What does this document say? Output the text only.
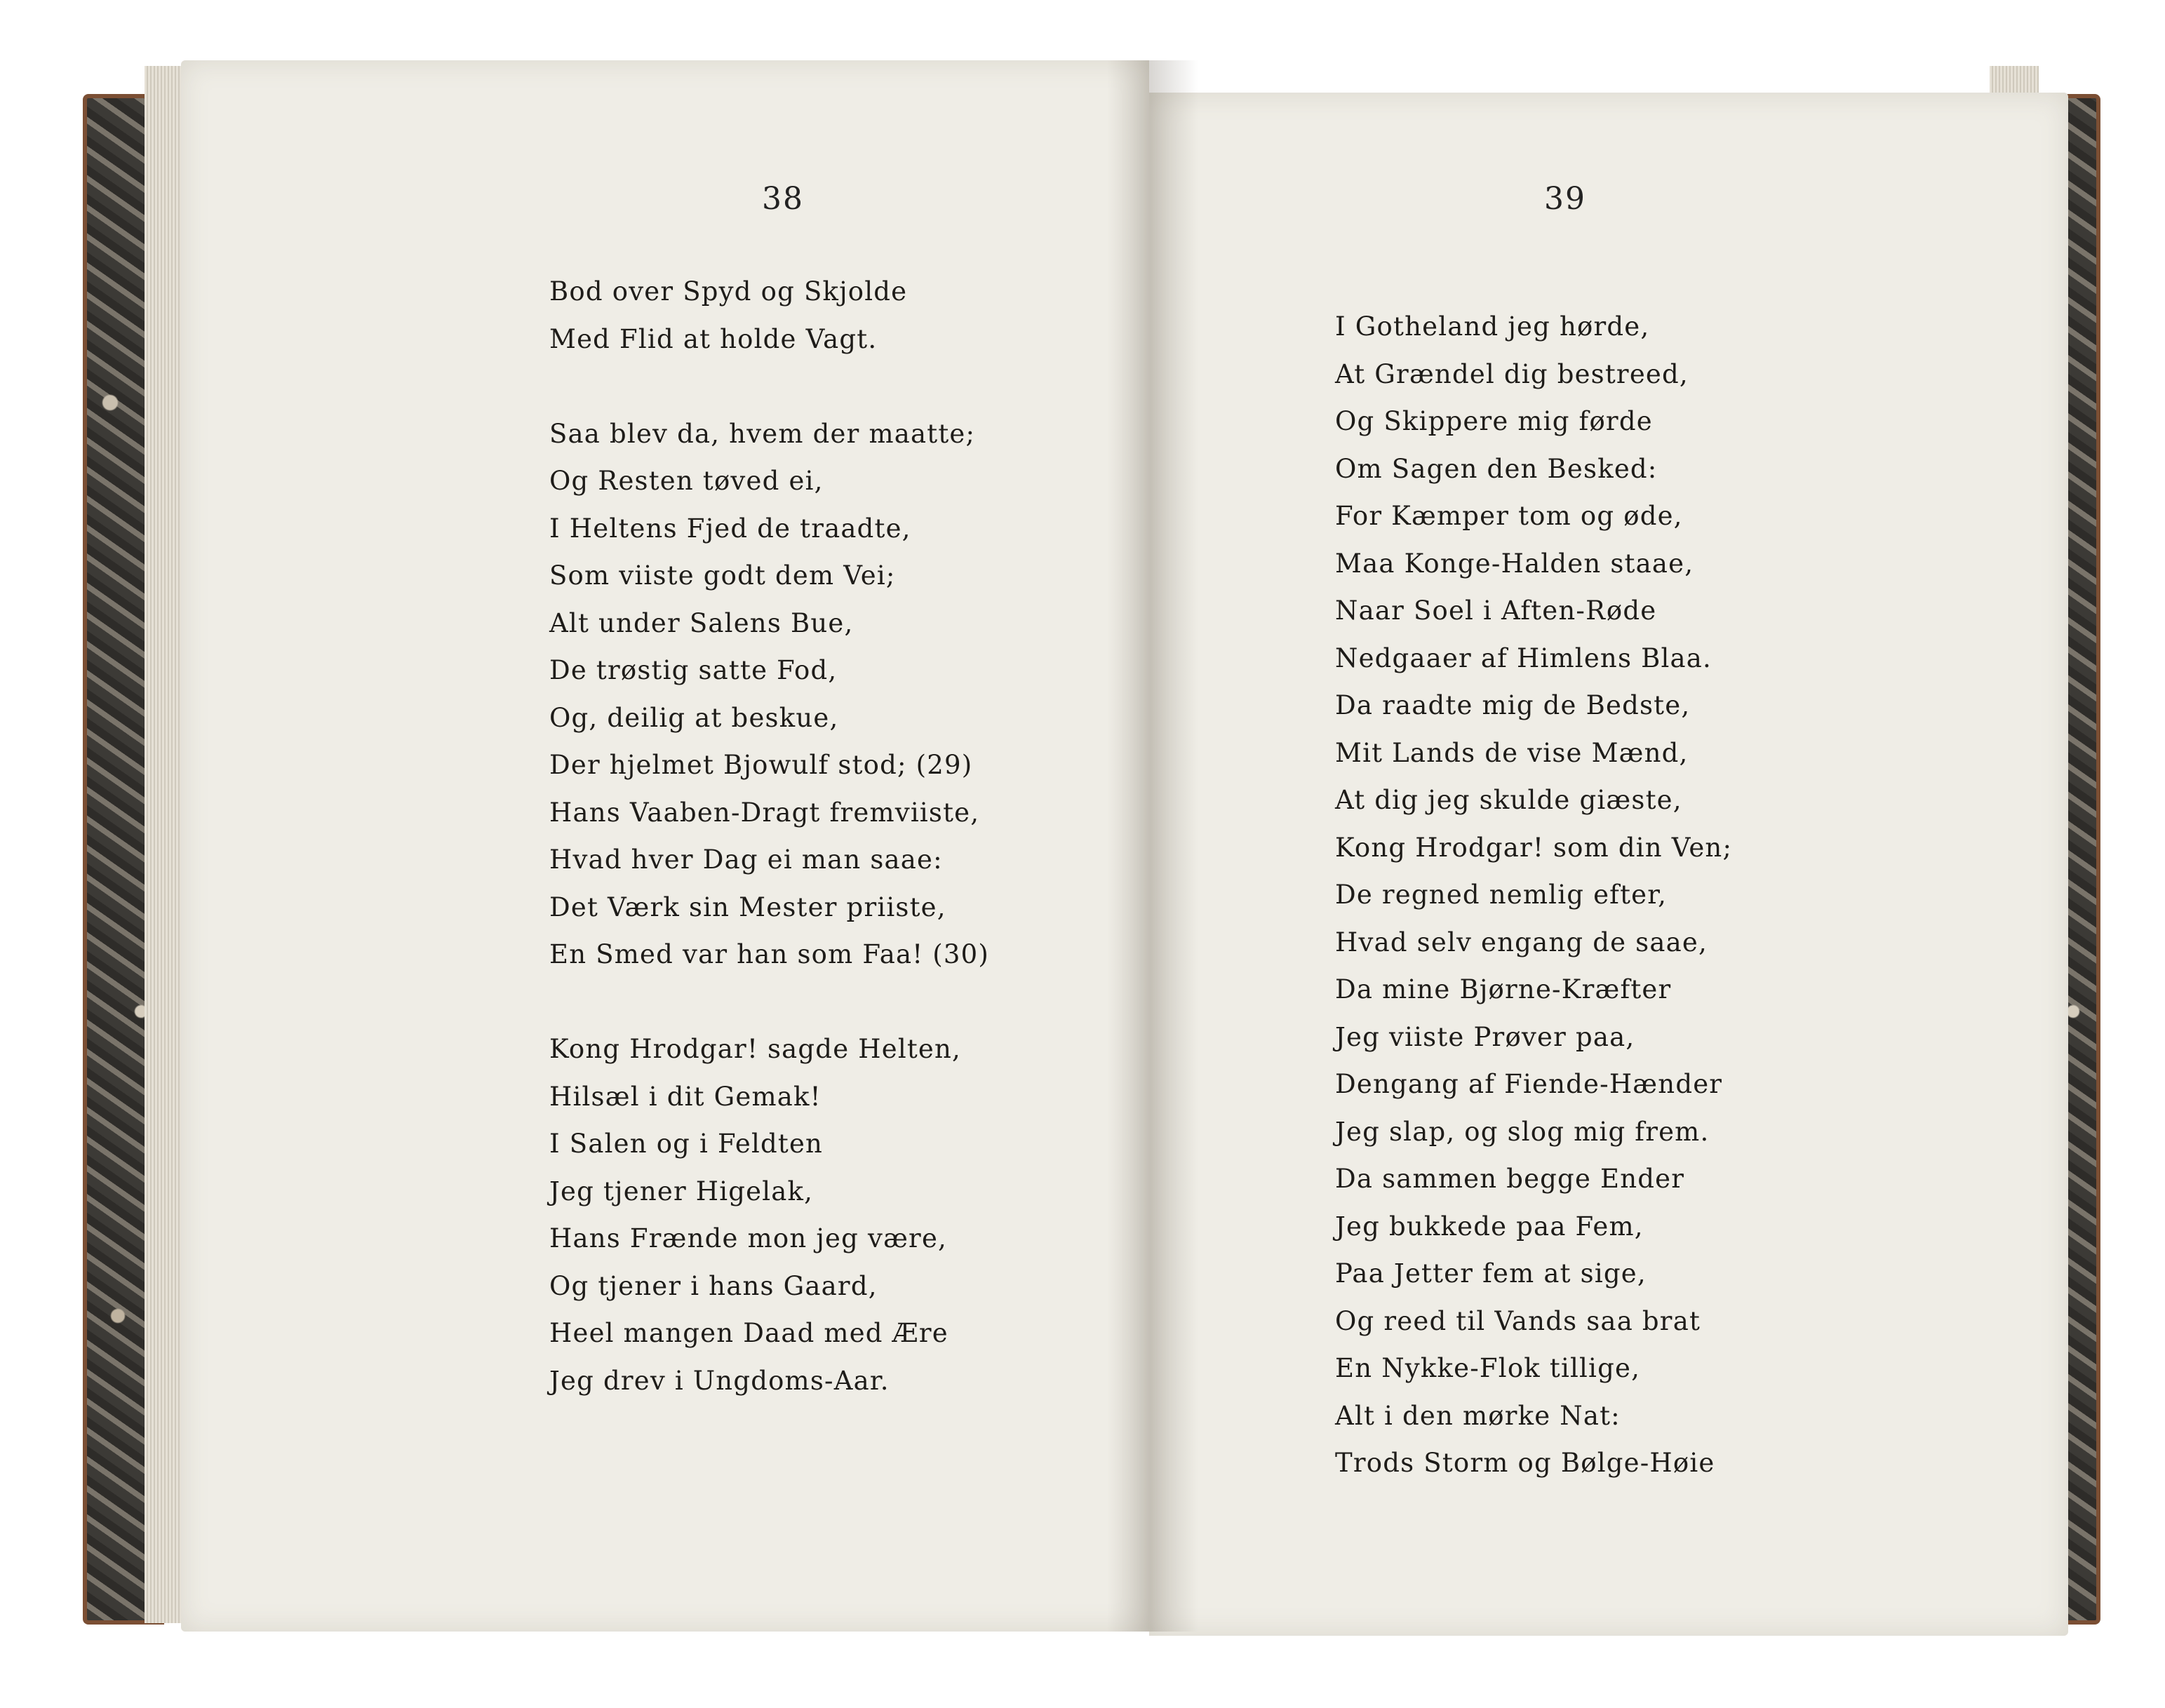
38
Bod over Spyd og Skjolde
Med Flid at holde Vagt.
Saa blev da, hvem der maatte;
Og Resten tøved ei,
I Heltens Fjed de traadte,
Som viiste godt dem Vei;
Alt under Salens Bue,
De trøstig satte Fod,
Og, deilig at beskue,
Der hjelmet Bjowulf stod; (29)
Hans Vaaben-Dragt fremviiste,
Hvad hver Dag ei man saae:
Det Værk sin Mester priiste,
En Smed var han som Faa! (30)
Kong Hrodgar! sagde Helten,
Hilsæl i dit Gemak!
I Salen og i Feldten
Jeg tjener Higelak,
Hans Frænde mon jeg være,
Og tjener i hans Gaard,
Heel mangen Daad med Ære
Jeg drev i Ungdoms-Aar.
39
I Gotheland jeg hørde,
At Grændel dig bestreed,
Og Skippere mig førde
Om Sagen den Besked:
For Kæmper tom og øde,
Maa Konge-Halden staae,
Naar Soel i Aften-Røde
Nedgaaer af Himlens Blaa.
Da raadte mig de Bedste,
Mit Lands de vise Mænd,
At dig jeg skulde giæste,
Kong Hrodgar! som din Ven;
De regned nemlig efter,
Hvad selv engang de saae,
Da mine Bjørne-Kræfter
Jeg viiste Prøver paa,
Dengang af Fiende-Hænder
Jeg slap, og slog mig frem.
Da sammen begge Ender
Jeg bukkede paa Fem,
Paa Jetter fem at sige,
Og reed til Vands saa brat
En Nykke-Flok tillige,
Alt i den mørke Nat:
Trods Storm og Bølge-Høie
